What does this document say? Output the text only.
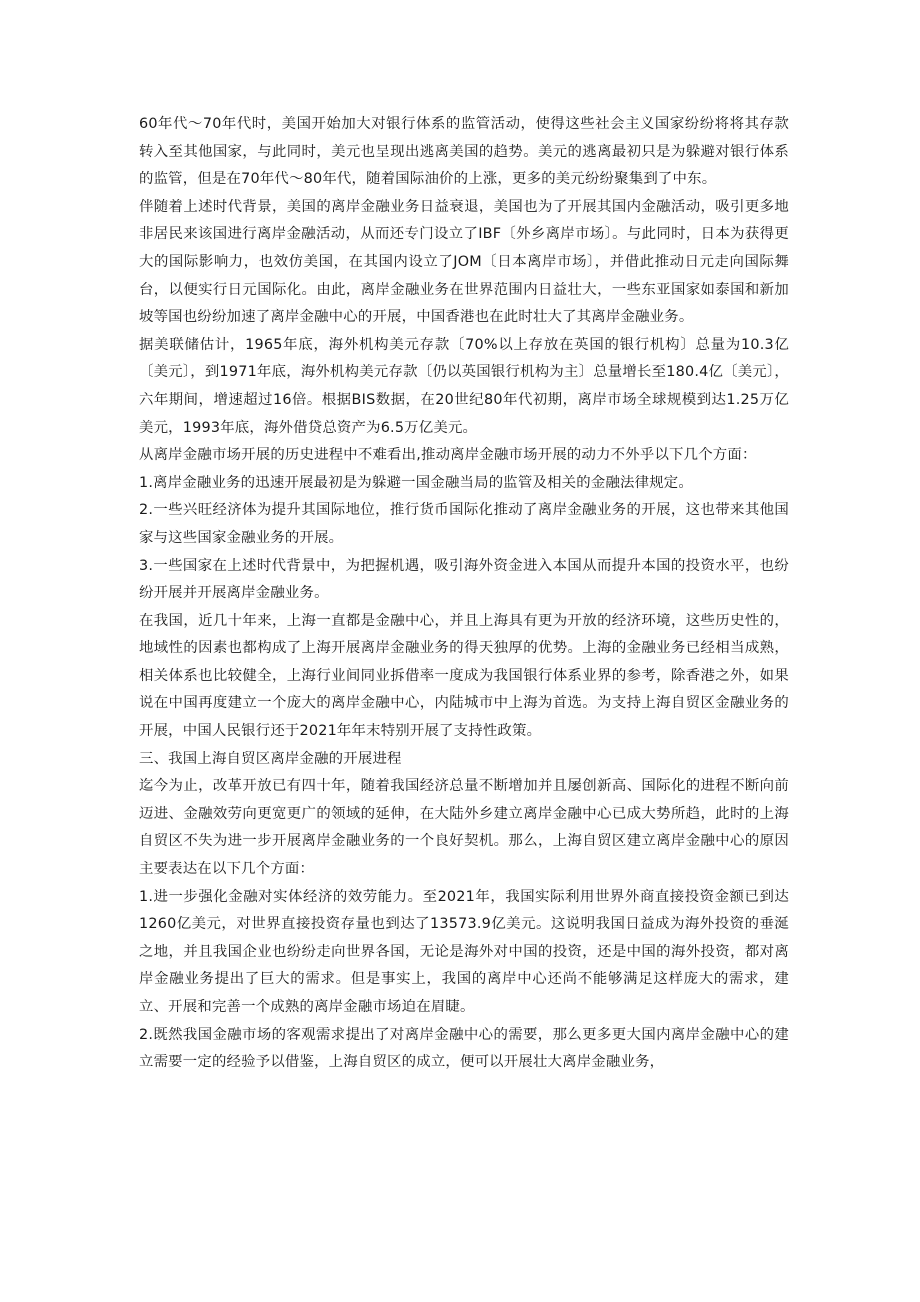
60年代～70年代时，美国开始加大对银行体系的监管活动，使得这些社会主义国家纷纷将将其存款转入至其他国家，与此同时，美元也呈现出逃离美国的趋势。美元的逃离最初只是为躲避对银行体系的监管，但是在70年代～80年代，随着国际油价的上涨，更多的美元纷纷聚集到了中东。

伴随着上述时代背景，美国的离岸金融业务日益衰退，美国也为了开展其国内金融活动，吸引更多地非居民来该国进行离岸金融活动，从而还专门设立了IBF〔外乡离岸市场〕。与此同时，日本为获得更大的国际影响力，也效仿美国，在其国内设立了JOM〔日本离岸市场〕，并借此推动日元走向国际舞台，以便实行日元国际化。由此，离岸金融业务在世界范围内日益壮大，一些东亚国家如泰国和新加坡等国也纷纷加速了离岸金融中心的开展，中国香港也在此时壮大了其离岸金融业务。

据美联储估计，1965年底，海外机构美元存款〔70%以上存放在英国的银行机构〕总量为10.3亿〔美元〕，到1971年底，海外机构美元存款〔仍以英国银行机构为主〕总量增长至180.4亿〔美元〕，六年期间，增速超过16倍。根据BIS数据，在20世纪80年代初期，离岸市场全球规模到达1.25万亿美元，1993年底，海外借贷总资产为6.5万亿美元。

从离岸金融市场开展的历史进程中不难看出,推动离岸金融市场开展的动力不外乎以下几个方面：

1.离岸金融业务的迅速开展最初是为躲避一国金融当局的监管及相关的金融法律规定。

2.一些兴旺经济体为提升其国际地位，推行货币国际化推动了离岸金融业务的开展，这也带来其他国家与这些国家金融业务的开展。

3.一些国家在上述时代背景中，为把握机遇，吸引海外资金进入本国从而提升本国的投资水平，也纷纷开展并开展离岸金融业务。

在我国，近几十年来，上海一直都是金融中心，并且上海具有更为开放的经济环境，这些历史性的，地域性的因素也都构成了上海开展离岸金融业务的得天独厚的优势。上海的金融业务已经相当成熟，相关体系也比较健全，上海行业间同业拆借率一度成为我国银行体系业界的参考，除香港之外，如果说在中国再度建立一个庞大的离岸金融中心，内陆城市中上海为首选。为支持上海自贸区金融业务的开展，中国人民银行还于2021年年末特别开展了支持性政策。

三、我国上海自贸区离岸金融的开展进程

迄今为止，改革开放已有四十年，随着我国经济总量不断增加并且屡创新高、国际化的进程不断向前迈进、金融效劳向更宽更广的领域的延伸，在大陆外乡建立离岸金融中心已成大势所趋，此时的上海自贸区不失为进一步开展离岸金融业务的一个良好契机。那么，上海自贸区建立离岸金融中心的原因主要表达在以下几个方面：

1.进一步强化金融对实体经济的效劳能力。至2021年，我国实际利用世界外商直接投资金额已到达1260亿美元，对世界直接投资存量也到达了13573.9亿美元。这说明我国日益成为海外投资的垂涎之地，并且我国企业也纷纷走向世界各国，无论是海外对中国的投资，还是中国的海外投资，都对离岸金融业务提出了巨大的需求。但是事实上，我国的离岸中心还尚不能够满足这样庞大的需求，建立、开展和完善一个成熟的离岸金融市场迫在眉睫。

2.既然我国金融市场的客观需求提出了对离岸金融中心的需要，那么更多更大国内离岸金融中心的建立需要一定的经验予以借鉴，上海自贸区的成立，便可以开展壮大离岸金融业务，
